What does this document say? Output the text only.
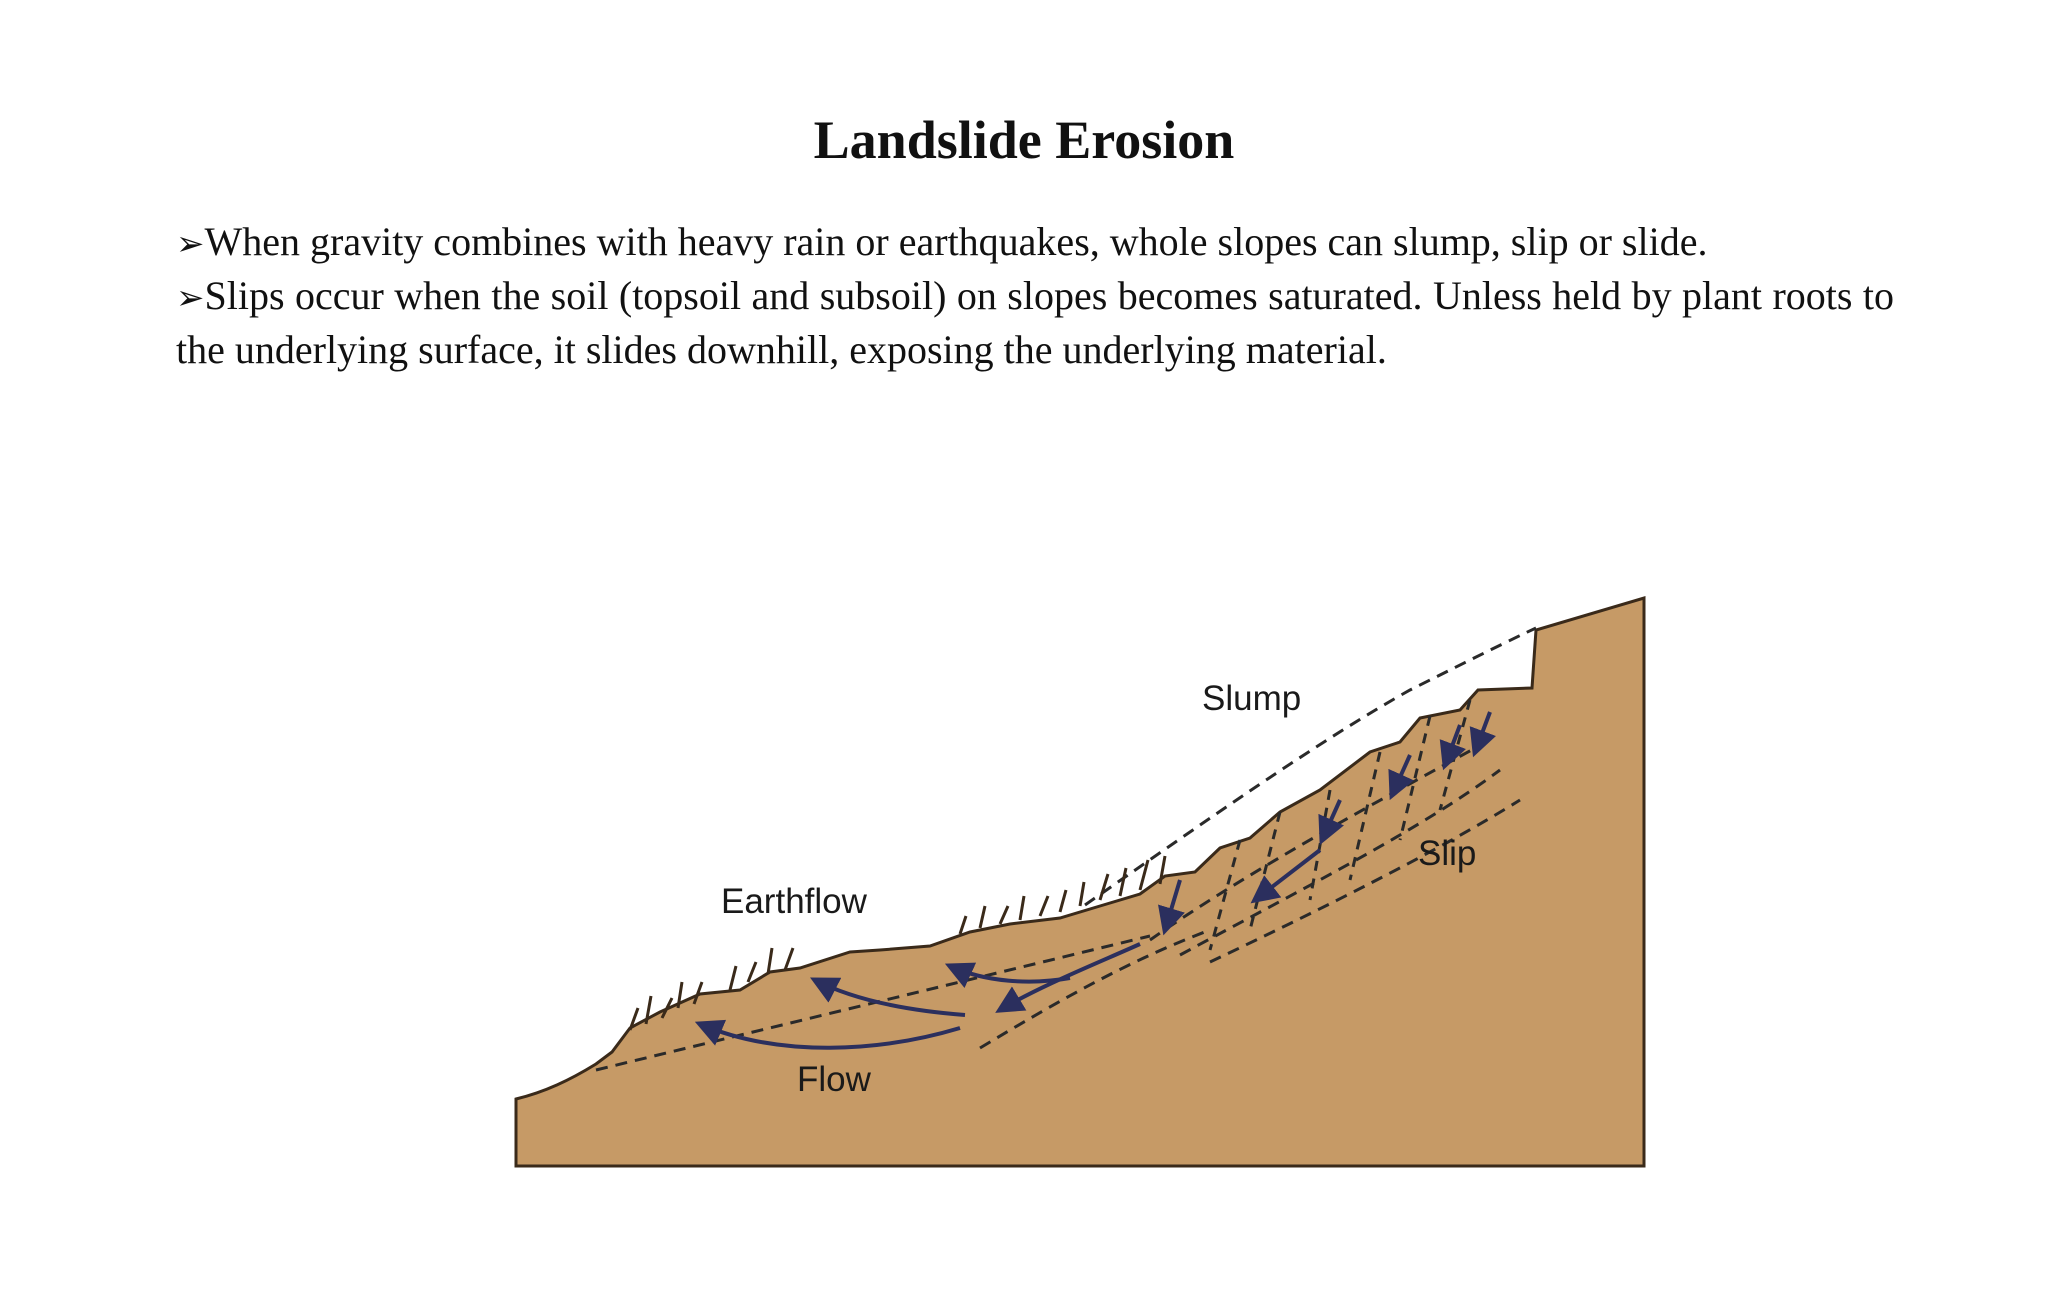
Landslide Erosion

➢When gravity combines with heavy rain or earthquakes, whole slopes can slump, slip or slide.

➢Slips occur when the soil (topsoil and subsoil) on slopes becomes saturated. Unless held by plant roots to the underlying surface, it slides downhill, exposing the underlying material.

Slump
Slip
Earthflow
Flow
